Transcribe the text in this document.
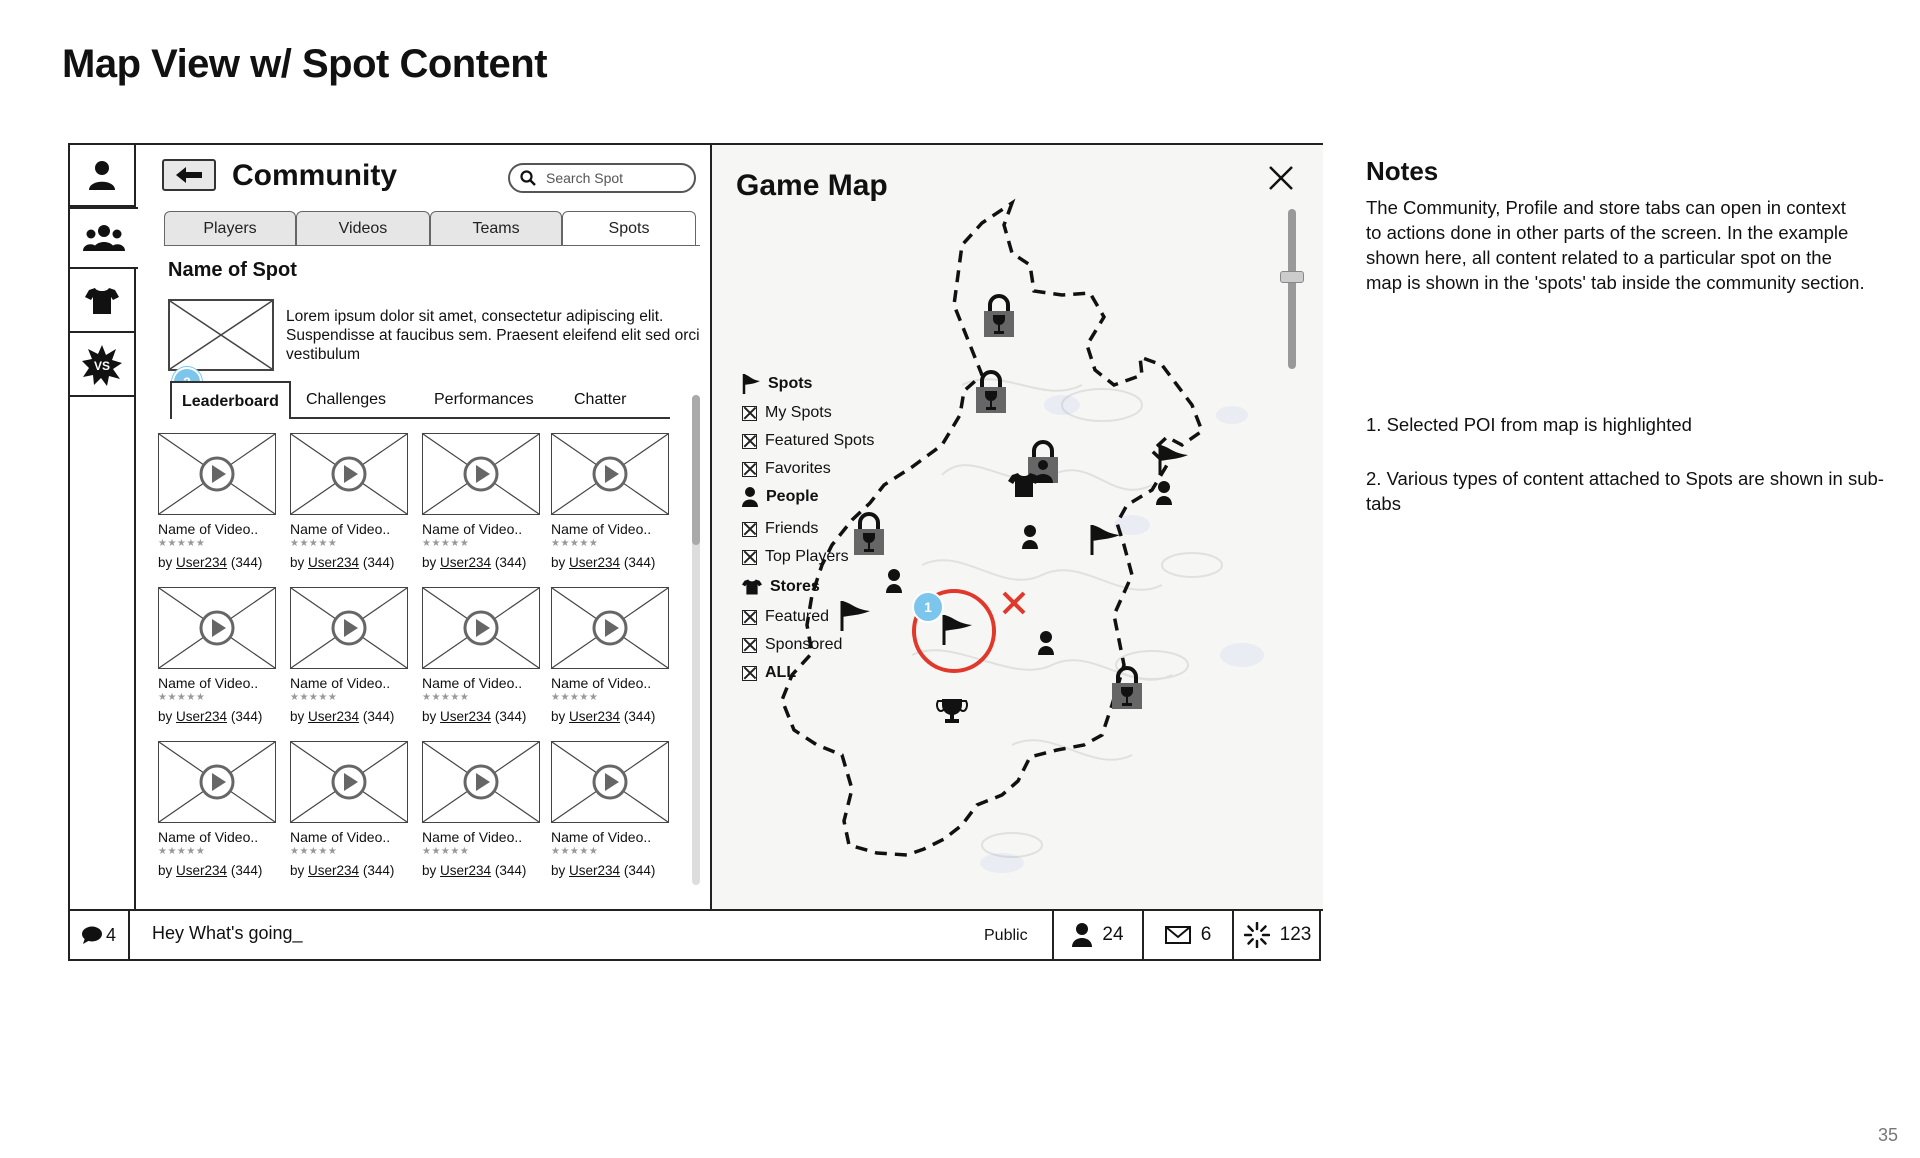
Map View w/ Spot Content
35
VS
Community	Search Spot
Players	Videos	Teams	Spots
Name of Spot
Lorem ipsum dolor sit amet, consectetur adipiscing elit. Suspendisse at faucibus sem. Praesent eleifend elit sed orci vestibulum
Leaderboard	Challenges	Performances	Chatter
Name of Video..
★★★★★
by User234 (344)
Name of Video..
★★★★★
by User234 (344)
Name of Video..
★★★★★
by User234 (344)
Name of Video..
★★★★★
by User234 (344)
Name of Video..
★★★★★
by User234 (344)
Name of Video..
★★★★★
by User234 (344)
Name of Video..
★★★★★
by User234 (344)
Name of Video..
★★★★★
by User234 (344)
Name of Video..
★★★★★
by User234 (344)
Name of Video..
★★★★★
by User234 (344)
Name of Video..
★★★★★
by User234 (344)
Name of Video..
★★★★★
by User234 (344)
1
Game Map
Spots
My Spots
Featured Spots
Favorites
People
Friends
Top Players
Stores
Featured
Sponsored
ALL
4 Hey What's going_	Public	24	6	123
Notes
The Community, Profile and store tabs can open in context to actions done in other parts of the screen. In the example shown here, all content related to a particular spot on the map is shown in the 'spots' tab inside the community section.
1. Selected POI from map is highlighted
2. Various types of content attached to Spots are shown in sub-tabs
